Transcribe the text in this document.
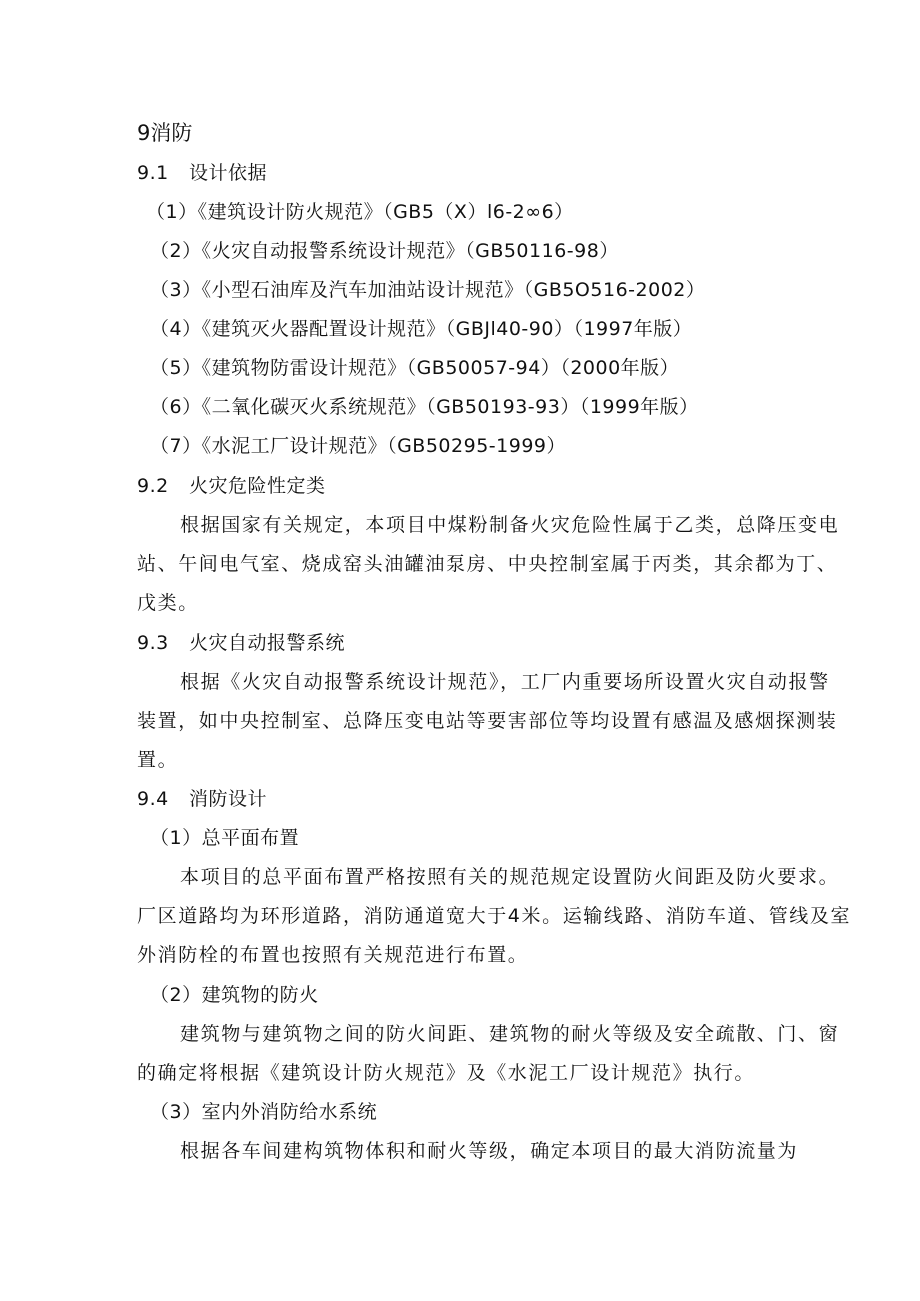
9消防
9.1 设计依据
（1）《建筑设计防火规范》（GB5（X）l6-2∞6）
（2）《火灾自动报警系统设计规范》（GB50116-98）
（3）《小型石油库及汽车加油站设计规范》（GB5O516-2002）
（4）《建筑灭火器配置设计规范》（GBJl40-90）（1997年版）
（5）《建筑物防雷设计规范》（GB50057-94）（2000年版）
（6）《二氧化碳灭火系统规范》（GB50193-93）（1999年版）
（7）《水泥工厂设计规范》（GB50295-1999）
9.2 火灾危险性定类
根据国家有关规定，本项目中煤粉制备火灾危险性属于乙类，总降压变电
站、午间电气室、烧成窑头油罐油泵房、中央控制室属于丙类，其余都为丁、
戊类。
9.3 火灾自动报警系统
根据《火灾自动报警系统设计规范》，工厂内重要场所设置火灾自动报警
装置，如中央控制室、总降压变电站等要害部位等均设置有感温及感烟探测装
置。
9.4 消防设计
（1）总平面布置
本项目的总平面布置严格按照有关的规范规定设置防火间距及防火要求。
厂区道路均为环形道路，消防通道宽大于4米。运输线路、消防车道、管线及室
外消防栓的布置也按照有关规范进行布置。
（2）建筑物的防火
建筑物与建筑物之间的防火间距、建筑物的耐火等级及安全疏散、门、窗
的确定将根据《建筑设计防火规范》及《水泥工厂设计规范》执行。
（3）室内外消防给水系统
根据各车间建构筑物体积和耐火等级，确定本项目的最大消防流量为
